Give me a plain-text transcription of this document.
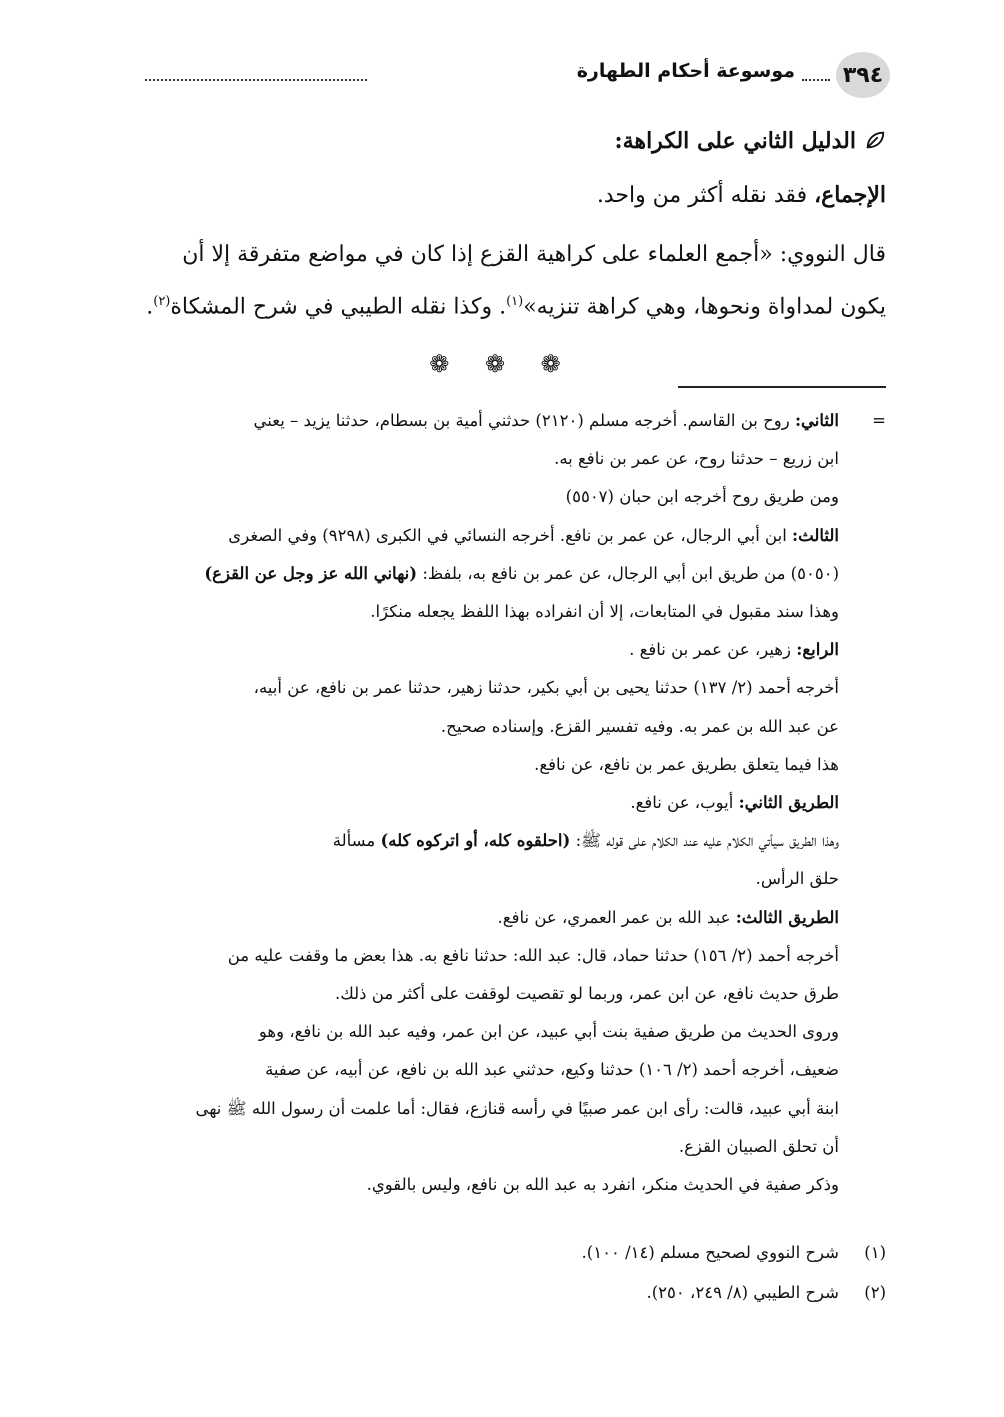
٣٩٤
موسوعة أحكام الطهارة

الدليل الثاني على الكراهة:

الإجماع، فقد نقله أكثر من واحد.

قال النووي: «أجمع العلماء على كراهية القزع إذا كان في مواضع متفرقة إلا أن

يكون لمداواة ونحوها، وهي كراهة تنزيه»$^{(١)}$. وكذا نقله الطيبي في شرح المشكاة$^{(٢)}$.

❁ ❁ ❁
=
الثاني: روح بن القاسم. أخرجه مسلم (٢١٢٠) حدثني أمية بن بسطام، حدثنا يزيد – يعني
ابن زريع – حدثنا روح، عن عمر بن نافع به.
ومن طريق روح أخرجه ابن حبان (٥٥٠٧)
الثالث: ابن أبي الرجال، عن عمر بن نافع. أخرجه النسائي في الكبرى (٩٢٩٨) وفي الصغرى
(٥٠٥٠) من طريق ابن أبي الرجال، عن عمر بن نافع به، بلفظ: (نهاني الله عز وجل عن القزع)
وهذا سند مقبول في المتابعات، إلا أن انفراده بهذا اللفظ يجعله منكرًا.
الرابع: زهير، عن عمر بن نافع .
أخرجه أحمد (٢/ ١٣٧) حدثنا يحيى بن أبي بكير، حدثنا زهير، حدثنا عمر بن نافع، عن أبيه،
عن عبد الله بن عمر به. وفيه تفسير القزع. وإسناده صحيح.
هذا فيما يتعلق بطريق عمر بن نافع، عن نافع.
الطريق الثاني: أيوب، عن نافع.
وهذا الطريق سيأتي الكلام عليه عند الكلام على قوله ﷺ: (احلقوه كله، أو اتركوه كله) مسألة
حلق الرأس.
الطريق الثالث: عبد الله بن عمر العمري، عن نافع.
أخرجه أحمد (٢/ ١٥٦) حدثنا حماد، قال: عبد الله: حدثنا نافع به. هذا بعض ما وقفت عليه من
طرق حديث نافع، عن ابن عمر، وربما لو تقصيت لوقفت على أكثر من ذلك.
وروى الحديث من طريق صفية بنت أبي عبيد، عن ابن عمر، وفيه عبد الله بن نافع، وهو
ضعيف، أخرجه أحمد (٢/ ١٠٦) حدثنا وكيع، حدثني عبد الله بن نافع، عن أبيه، عن صفية
ابنة أبي عبيد، قالت: رأى ابن عمر صبيًا في رأسه قنازع، فقال: أما علمت أن رسول الله ﷺ نهى
أن تحلق الصبيان القزع.
وذكر صفية في الحديث منكر، انفرد به عبد الله بن نافع، وليس بالقوي.
(١)شرح النووي لصحيح مسلم (١٤/ ١٠٠).
(٢)شرح الطيبي (٨/ ٢٤٩، ٢٥٠).
